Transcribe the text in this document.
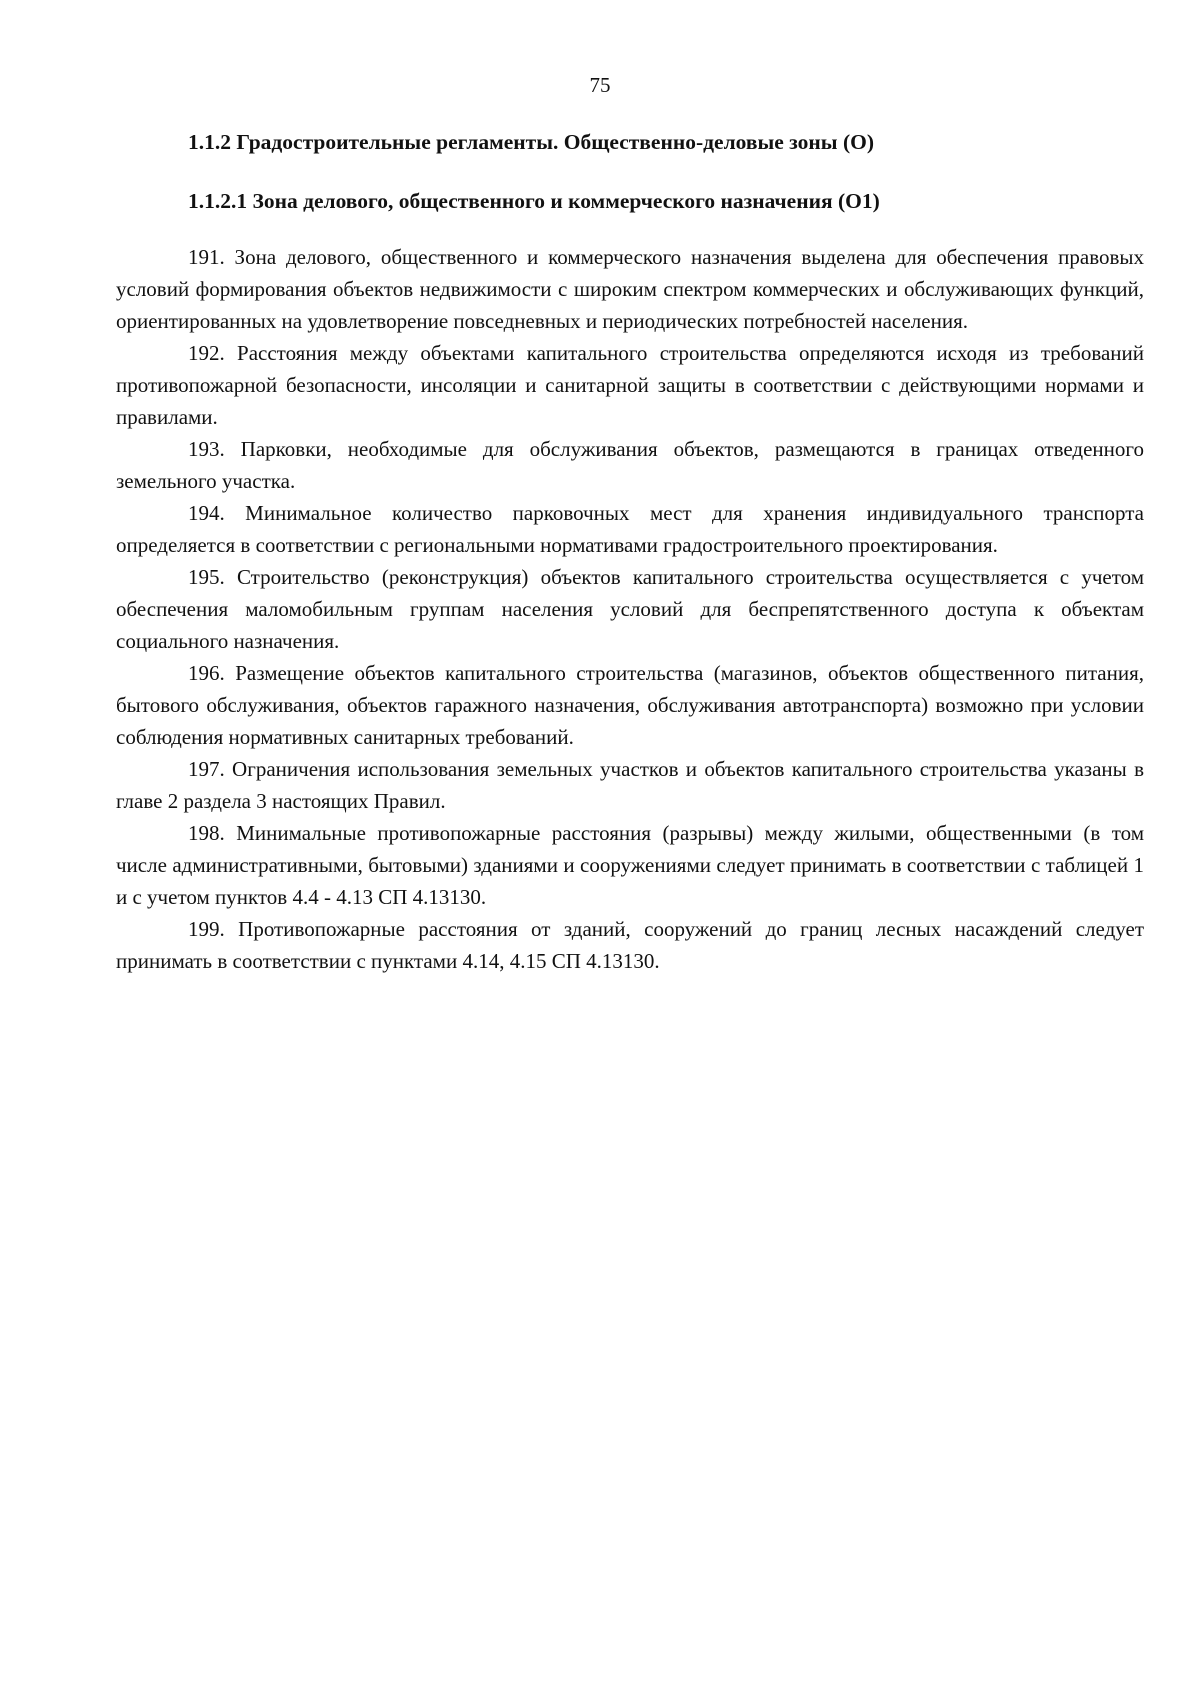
75
1.1.2 Градостроительные регламенты. Общественно-деловые зоны (О)
1.1.2.1 Зона делового, общественного и коммерческого назначения (О1)

191. Зона делового, общественного и коммерческого назначения выделена для обеспечения правовых условий формирования объектов недвижимости с широким спектром коммерческих и обслуживающих функций, ориентированных на удовлетворение повседневных и периодических потребностей населения.

192. Расстояния между объектами капитального строительства определяются исходя из требований противопожарной безопасности, инсоляции и санитарной защиты в соответствии с действующими нормами и правилами.

193. Парковки, необходимые для обслуживания объектов, размещаются в границах отведенного земельного участка.

194. Минимальное количество парковочных мест для хранения индивидуального транспорта определяется в соответствии с региональными нормативами градостроительного проектирования.

195. Строительство (реконструкция) объектов капитального строительства осуществляется с учетом обеспечения маломобильным группам населения условий для беспрепятственного доступа к объектам социального назначения.

196. Размещение объектов капитального строительства (магазинов, объектов общественного питания, бытового обслуживания, объектов гаражного назначения, обслуживания автотранспорта) возможно при условии соблюдения нормативных санитарных требований.

197. Ограничения использования земельных участков и объектов капитального строительства указаны в главе 2 раздела 3 настоящих Правил.

198. Минимальные противопожарные расстояния (разрывы) между жилыми, общественными (в том числе административными, бытовыми) зданиями и сооружениями следует принимать в соответствии с таблицей 1 и с учетом пунктов 4.4 - 4.13 СП 4.13130.

199. Противопожарные расстояния от зданий, сооружений до границ лесных насаждений следует принимать в соответствии с пунктами 4.14, 4.15 СП 4.13130.
